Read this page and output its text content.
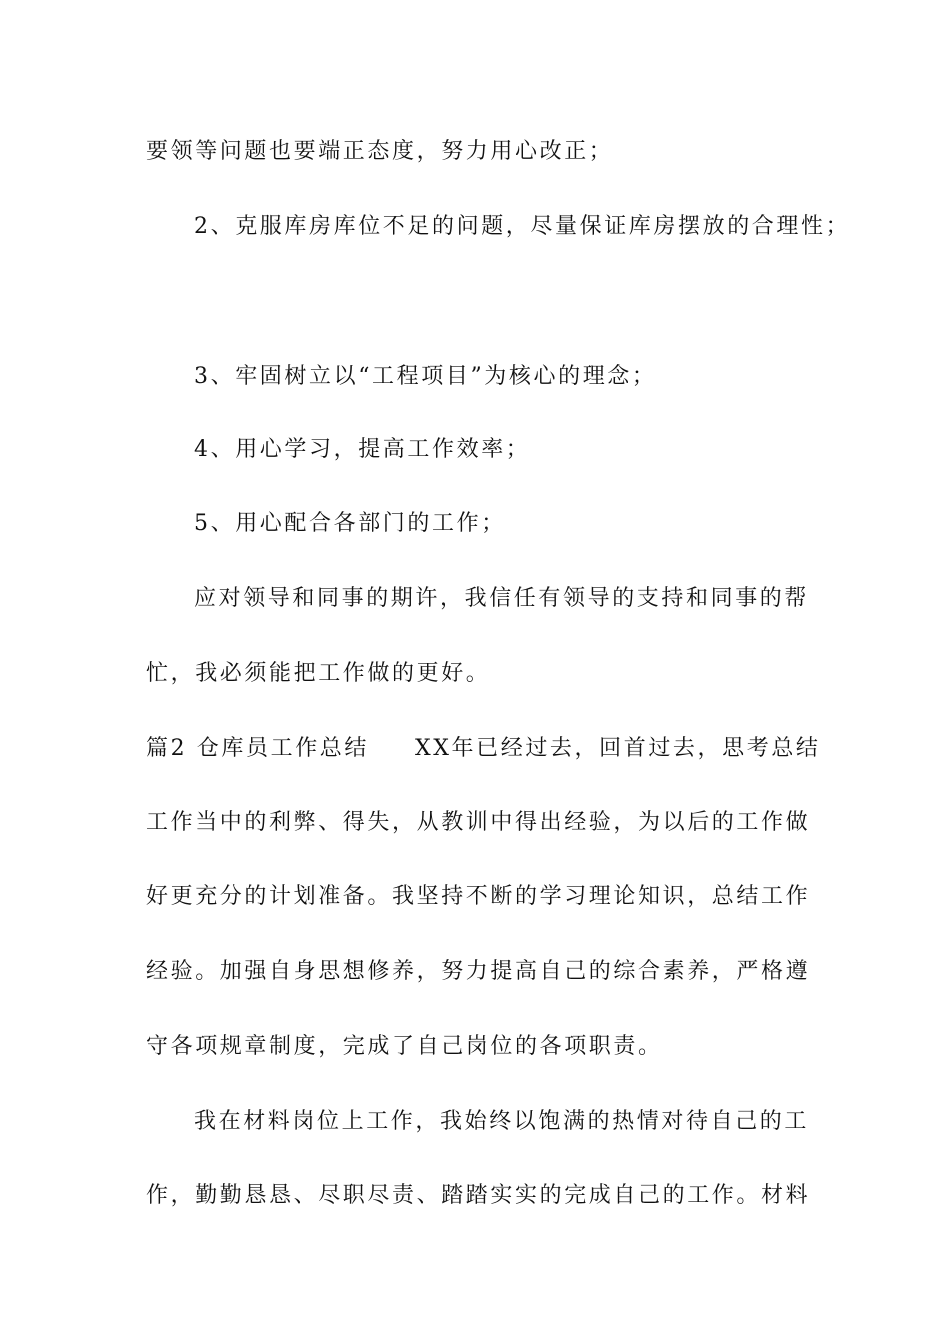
要领等问题也要端正态度，努力用心改正；
2、克服库房库位不足的问题，尽量保证库房摆放的合理性；
3、牢固树立以“工程项目”为核心的理念；
4、用心学习，提高工作效率；
5、用心配合各部门的工作；
应对领导和同事的期许，我信任有领导的支持和同事的帮
忙，我必须能把工作做的更好。
篇2 仓库员工作总结 XX年已经过去，回首过去，思考总结
工作当中的利弊、得失，从教训中得出经验，为以后的工作做
好更充分的计划准备。我坚持不断的学习理论知识，总结工作
经验。加强自身思想修养，努力提高自己的综合素养，严格遵
守各项规章制度，完成了自己岗位的各项职责。
我在材料岗位上工作，我始终以饱满的热情对待自己的工
作，勤勤恳恳、尽职尽责、踏踏实实的完成自己的工作。材料
